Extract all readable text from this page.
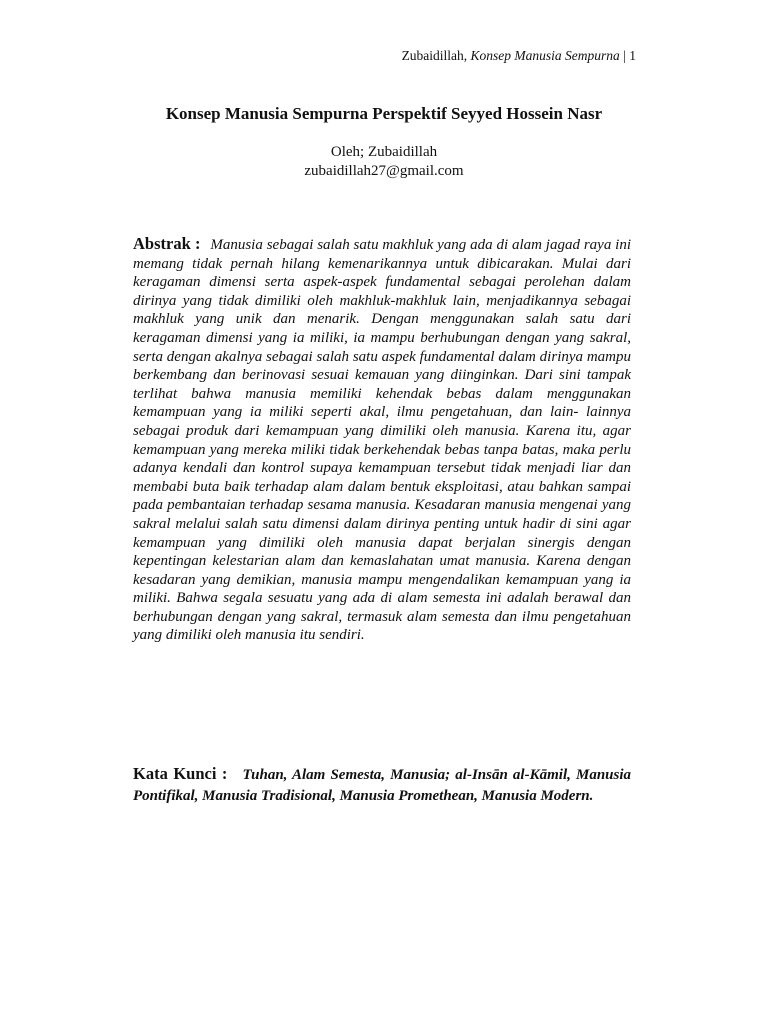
Zubaidillah, Konsep Manusia Sempurna | 1
Konsep Manusia Sempurna Perspektif Seyyed Hossein Nasr
Oleh; Zubaidillah
zubaidillah27@gmail.com
Abstrak : Manusia sebagai salah satu makhluk yang ada di alam jagad raya ini memang tidak pernah hilang kemenarikannya untuk dibicarakan. Mulai dari keragaman dimensi serta aspek-aspek fundamental sebagai perolehan dalam dirinya yang tidak dimiliki oleh makhluk-makhluk lain, menjadikannya sebagai makhluk yang unik dan menarik. Dengan menggunakan salah satu dari keragaman dimensi yang ia miliki, ia mampu berhubungan dengan yang sakral, serta dengan akalnya sebagai salah satu aspek fundamental dalam dirinya mampu berkembang dan berinovasi sesuai kemauan yang diinginkan. Dari sini tampak terlihat bahwa manusia memiliki kehendak bebas dalam menggunakan kemampuan yang ia miliki seperti akal, ilmu pengetahuan, dan lain- lainnya sebagai produk dari kemampuan yang dimiliki oleh manusia. Karena itu, agar kemampuan yang mereka miliki tidak berkehendak bebas tanpa batas, maka perlu adanya kendali dan kontrol supaya kemampuan tersebut tidak menjadi liar dan membabi buta baik terhadap alam dalam bentuk eksploitasi, atau bahkan sampai pada pembantaian terhadap sesama manusia. Kesadaran manusia mengenai yang sakral melalui salah satu dimensi dalam dirinya penting untuk hadir di sini agar kemampuan yang dimiliki oleh manusia dapat berjalan sinergis dengan kepentingan kelestarian alam dan kemaslahatan umat manusia. Karena dengan kesadaran yang demikian, manusia mampu mengendalikan kemampuan yang ia miliki. Bahwa segala sesuatu yang ada di alam semesta ini adalah berawal dan berhubungan dengan yang sakral, termasuk alam semesta dan ilmu pengetahuan yang dimiliki oleh manusia itu sendiri.
Kata Kunci : Tuhan, Alam Semesta, Manusia; al-Insān al-Kāmil, Manusia Pontifikal, Manusia Tradisional, Manusia Promethean, Manusia Modern.
